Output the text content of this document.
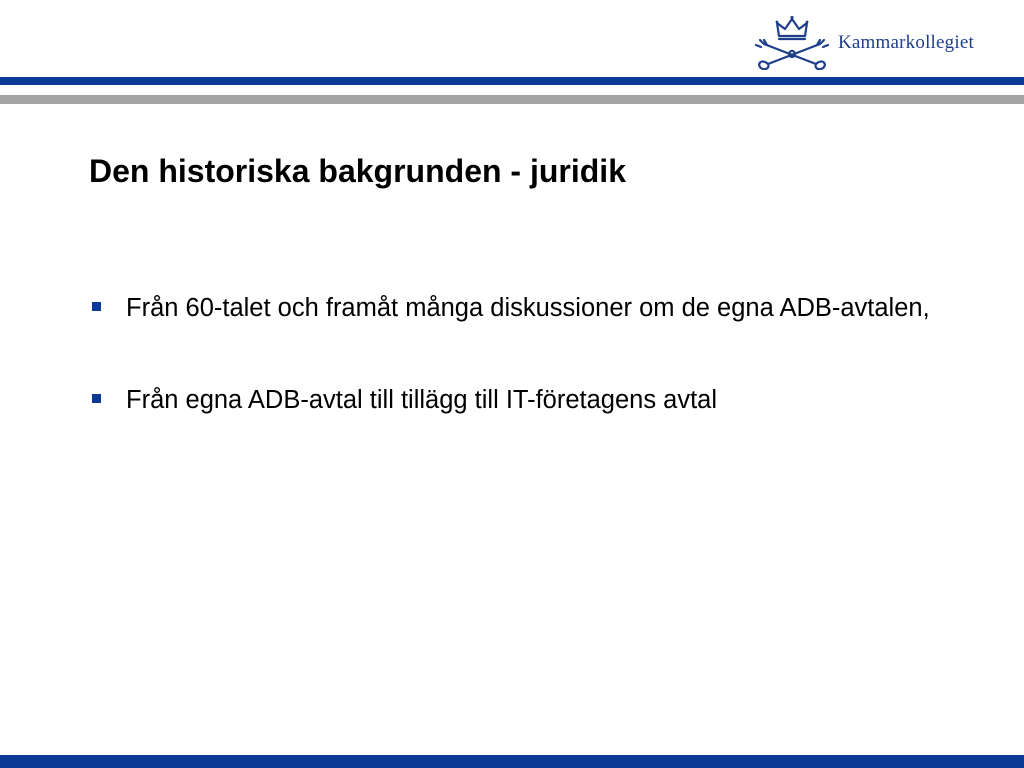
Kammarkollegiet
Den historiska bakgrunden - juridik
Från 60-talet och framåt många diskussioner om de egna ADB-avtalen,
Från egna ADB-avtal till tillägg till IT-företagens avtal
